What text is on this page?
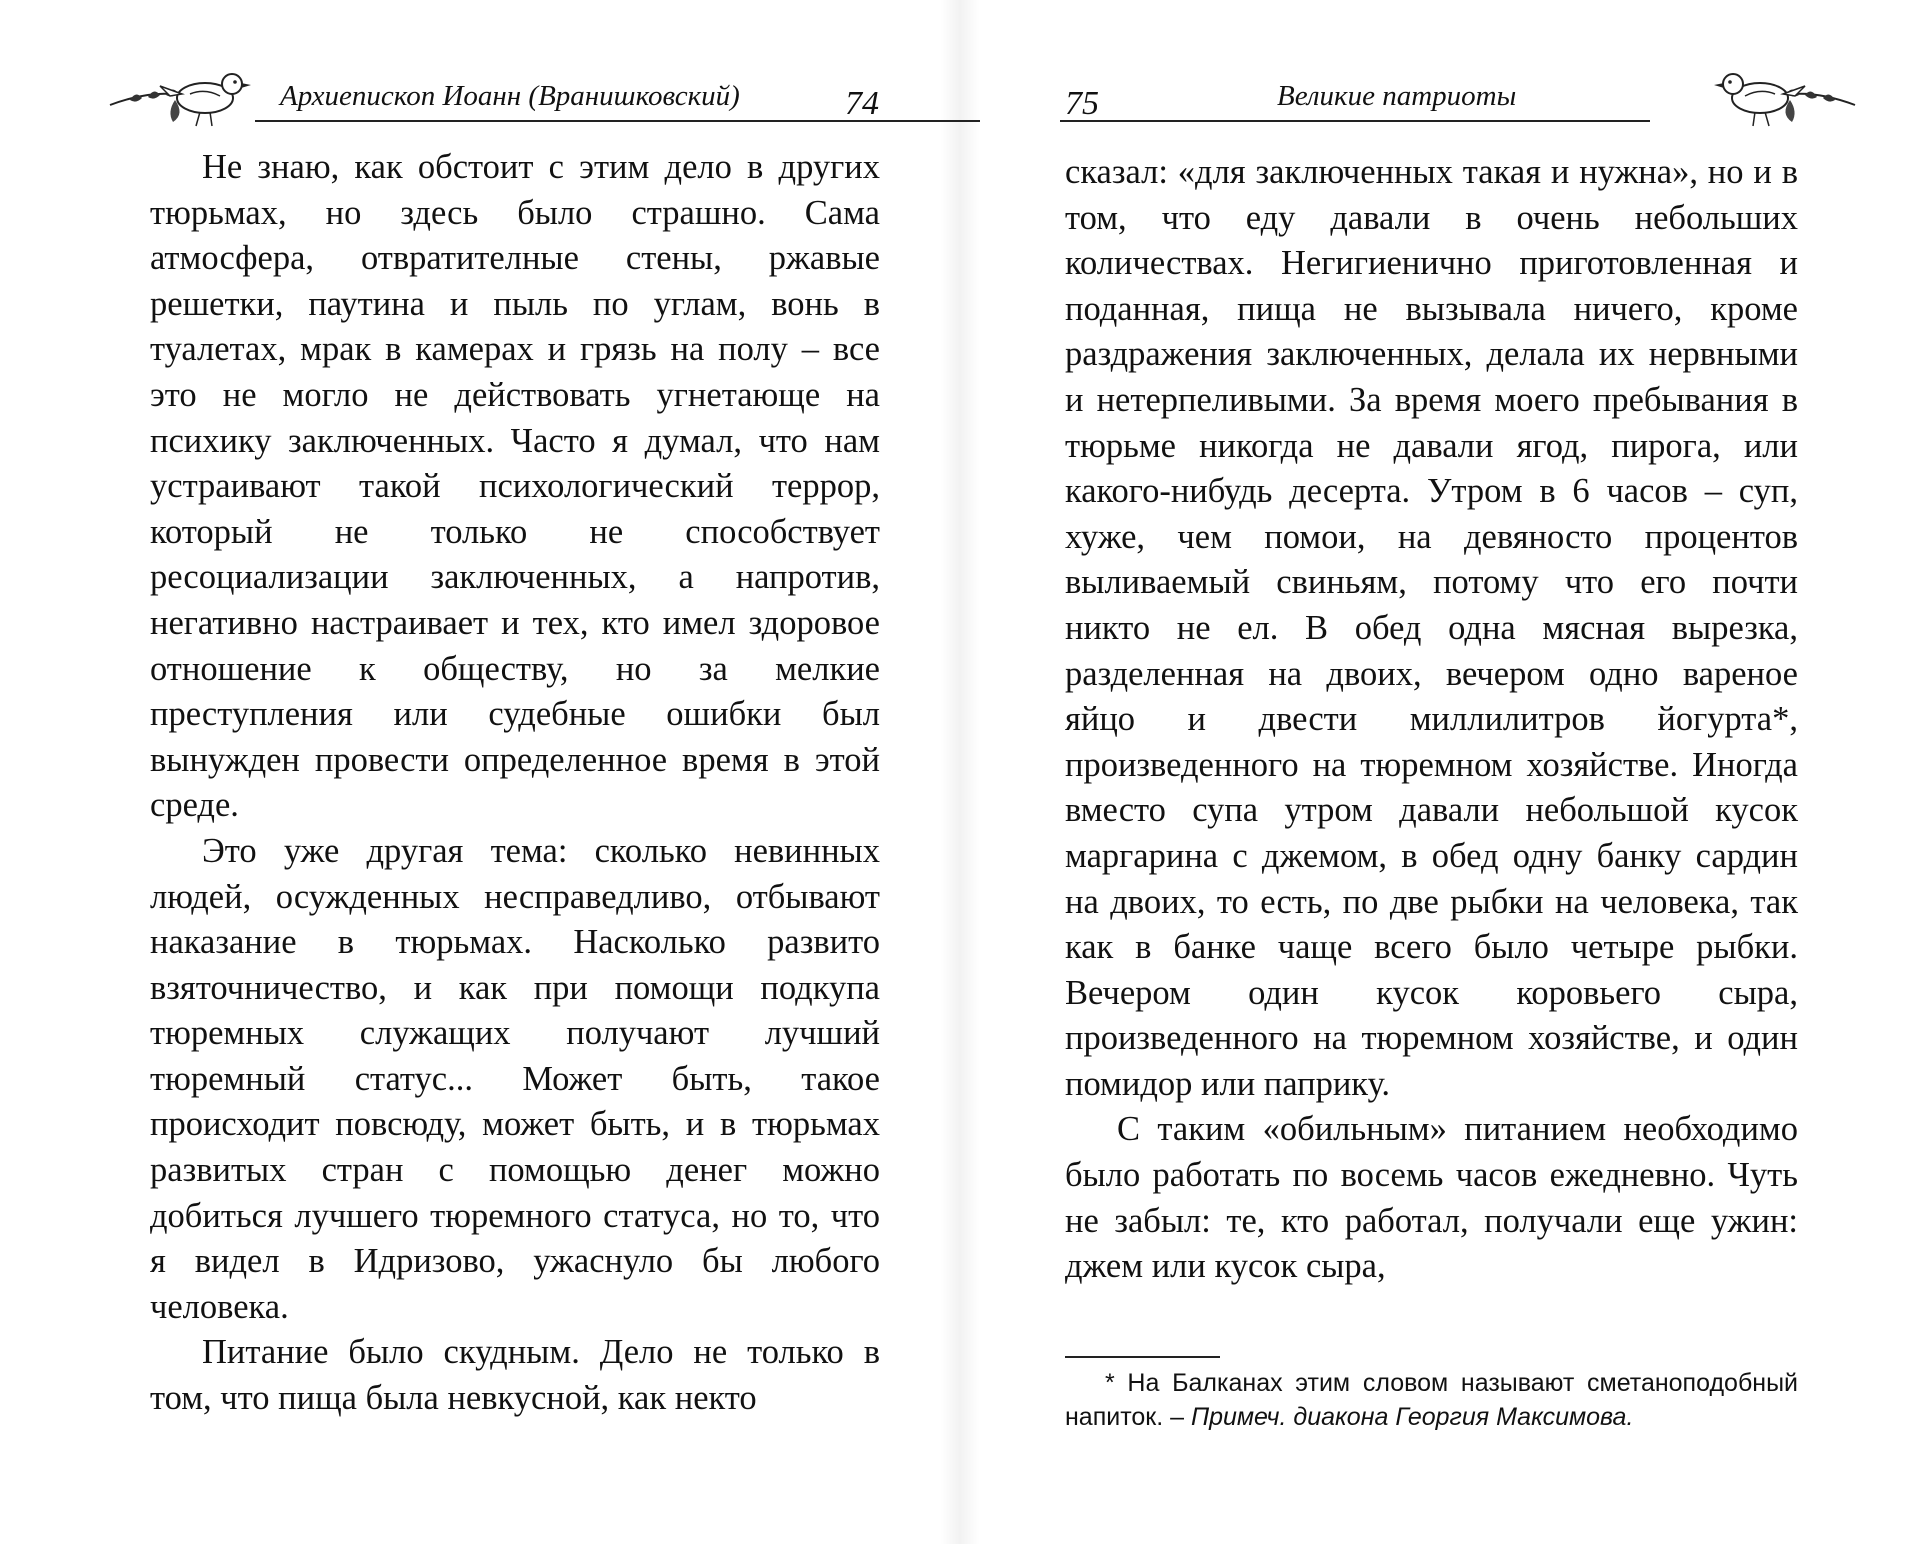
Архиепископ Иоанн (Вранишковский)	74

Не знаю, как обстоит с этим дело в других тюрьмах, но здесь было страшно. Сама атмосфера, отвратителные стены, ржавые решетки, паутина и пыль по углам, вонь в туалетах, мрак в камерах и грязь на полу – все это не могло не действовать угнетающе на психику заключенных. Часто я думал, что нам устраивают такой психологический террор, который не только не способствует ресоциализации заключенных, а напротив, негативно настраивает и тех, кто имел здоровое отношение к обществу, но за мелкие преступления или судебные ошибки был вынужден провести определенное время в этой среде.

Это уже другая тема: сколько невинных людей, осужденных несправедливо, отбывают наказание в тюрьмах. Насколько развито взяточничество, и как при помощи подкупа тюремных служащих получают лучший тюремный статус... Может быть, такое происходит повсюду, может быть, и в тюрьмах развитых стран с помощью денег можно добиться лучшего тюремного статуса, но то, что я видел в Идризово, ужаснуло бы любого человека.

Питание было скудным. Дело не только в том, что пища была невкусной, как некто

75	Великие патриоты

сказал: «для заключенных такая и нужна», но и в том, что еду давали в очень небольших количествах. Негигиенично приготовленная и поданная, пища не вызывала ничего, кроме раздражения заключенных, делала их нервными и нетерпеливыми. За время моего пребывания в тюрьме никогда не давали ягод, пирога, или какого-нибудь десерта. Утром в 6 часов – суп, хуже, чем помои, на девяносто процентов выливаемый свиньям, потому что его почти никто не ел. В обед одна мясная вырезка, разделенная на двоих, вечером одно вареное яйцо и двести миллилитров йогурта*, произведенного на тюремном хозяйстве. Иногда вместо супа утром давали небольшой кусок маргарина с джемом, в обед одну банку сардин на двоих, то есть, по две рыбки на человека, так как в банке чаще всего было четыре рыбки. Вечером один кусок коровьего сыра, произведенного на тюремном хозяйстве, и один помидор или паприку.

С таким «обильным» питанием необходимо было работать по восемь часов ежедневно. Чуть не забыл: те, кто работал, получали еще ужин: джем или кусок сыра,

* На Балканах этим словом называют сметаноподобный напиток. – Примеч. диакона Георгия Максимова.
